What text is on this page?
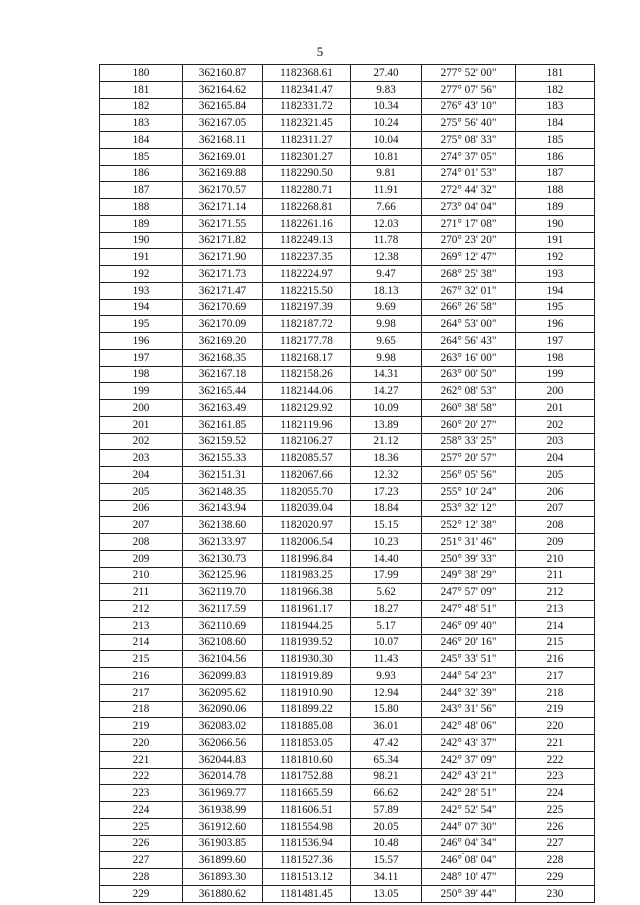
5
180	362160.87	1182368.61	27.40	277° 52' 00"	181
181	362164.62	1182341.47	9.83	277° 07' 56"	182
182	362165.84	1182331.72	10.34	276° 43' 10"	183
183	362167.05	1182321.45	10.24	275° 56' 40"	184
184	362168.11	1182311.27	10.04	275° 08' 33"	185
185	362169.01	1182301.27	10.81	274° 37' 05"	186
186	362169.88	1182290.50	9.81	274° 01' 53"	187
187	362170.57	1182280.71	11.91	272° 44' 32"	188
188	362171.14	1182268.81	7.66	273° 04' 04"	189
189	362171.55	1182261.16	12.03	271° 17' 08"	190
190	362171.82	1182249.13	11.78	270° 23' 20"	191
191	362171.90	1182237.35	12.38	269° 12' 47"	192
192	362171.73	1182224.97	9.47	268° 25' 38"	193
193	362171.47	1182215.50	18.13	267° 32' 01"	194
194	362170.69	1182197.39	9.69	266° 26' 58"	195
195	362170.09	1182187.72	9.98	264° 53' 00"	196
196	362169.20	1182177.78	9.65	264° 56' 43"	197
197	362168.35	1182168.17	9.98	263° 16' 00"	198
198	362167.18	1182158.26	14.31	263° 00' 50"	199
199	362165.44	1182144.06	14.27	262° 08' 53"	200
200	362163.49	1182129.92	10.09	260° 38' 58"	201
201	362161.85	1182119.96	13.89	260° 20' 27"	202
202	362159.52	1182106.27	21.12	258° 33' 25"	203
203	362155.33	1182085.57	18.36	257° 20' 57"	204
204	362151.31	1182067.66	12.32	256° 05' 56"	205
205	362148.35	1182055.70	17.23	255° 10' 24"	206
206	362143.94	1182039.04	18.84	253° 32' 12"	207
207	362138.60	1182020.97	15.15	252° 12' 38"	208
208	362133.97	1182006.54	10.23	251° 31' 46"	209
209	362130.73	1181996.84	14.40	250° 39' 33"	210
210	362125.96	1181983.25	17.99	249° 38' 29"	211
211	362119.70	1181966.38	5.62	247° 57' 09"	212
212	362117.59	1181961.17	18.27	247° 48' 51"	213
213	362110.69	1181944.25	5.17	246° 09' 40"	214
214	362108.60	1181939.52	10.07	246° 20' 16"	215
215	362104.56	1181930.30	11.43	245° 33' 51"	216
216	362099.83	1181919.89	9.93	244° 54' 23"	217
217	362095.62	1181910.90	12.94	244° 32' 39"	218
218	362090.06	1181899.22	15.80	243° 31' 56"	219
219	362083.02	1181885.08	36.01	242° 48' 06"	220
220	362066.56	1181853.05	47.42	242° 43' 37"	221
221	362044.83	1181810.60	65.34	242° 37' 09"	222
222	362014.78	1181752.88	98.21	242° 43' 21"	223
223	361969.77	1181665.59	66.62	242° 28' 51"	224
224	361938.99	1181606.51	57.89	242° 52' 54"	225
225	361912.60	1181554.98	20.05	244° 07' 30"	226
226	361903.85	1181536.94	10.48	246° 04' 34"	227
227	361899.60	1181527.36	15.57	246° 08' 04"	228
228	361893.30	1181513.12	34.11	248° 10' 47"	229
229	361880.62	1181481.45	13.05	250° 39' 44"	230
